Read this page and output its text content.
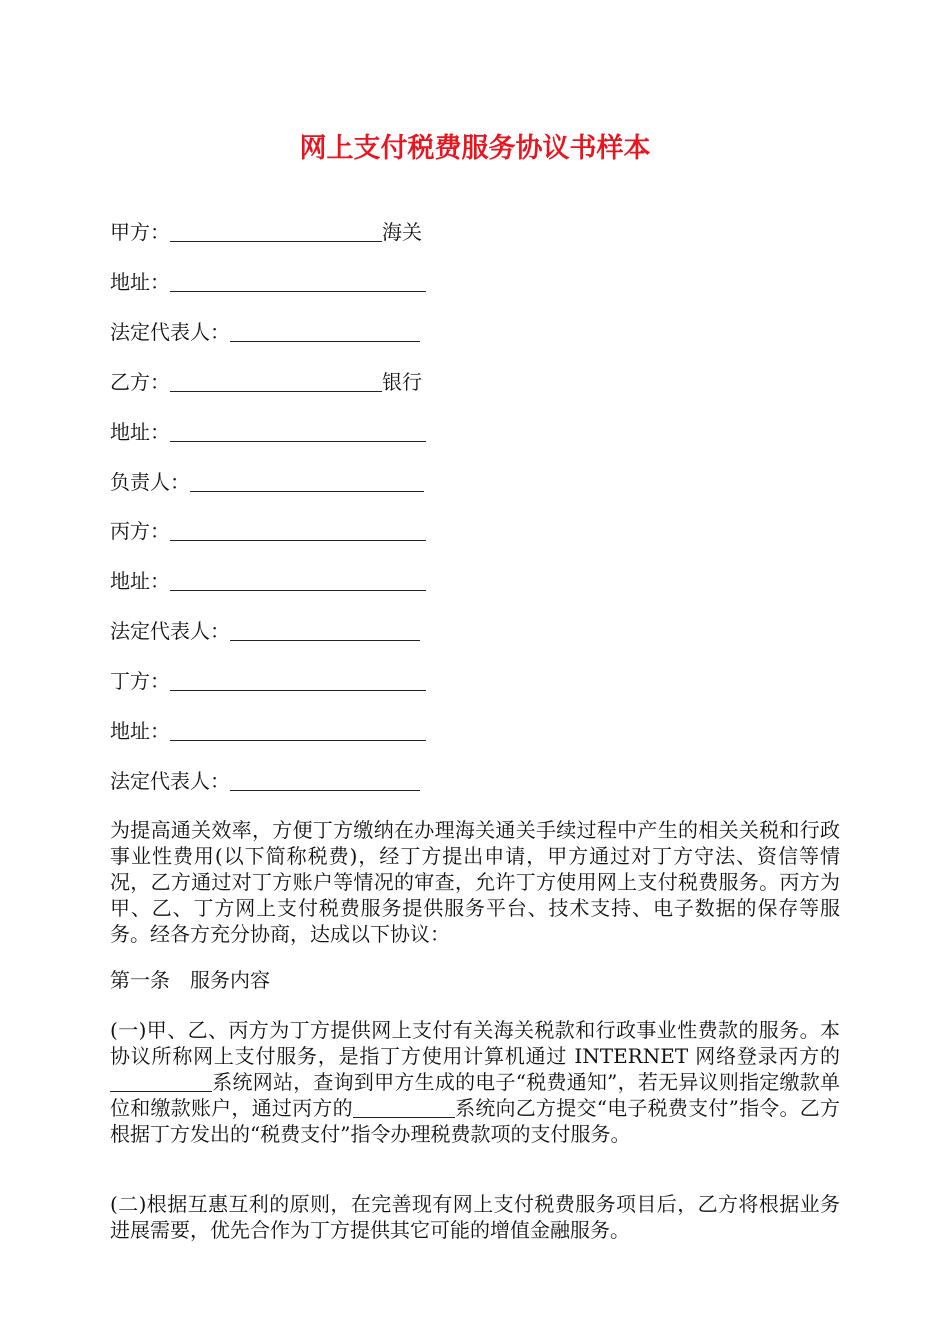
网上支付税费服务协议书样本
甲方：	海关
地址：
法定代表人：
乙方：	银行
地址：
负责人：
丙方：
地址：
法定代表人：
丁方：
地址：
法定代表人：

为提高通关效率，方便丁方缴纳在办理海关通关手续过程中产生的相关关税和行政事业性费用(以下简称税费)，经丁方提出申请，甲方通过对丁方守法、资信等情况，乙方通过对丁方账户等情况的审查，允许丁方使用网上支付税费服务。丙方为甲、乙、丁方网上支付税费服务提供服务平台、技术支持、电子数据的保存等服务。经各方充分协商，达成以下协议：

第一条　服务内容

(一)甲、乙、丙方为丁方提供网上支付有关海关税款和行政事业性费款的服务。本协议所称网上支付服务，是指丁方使用计算机通过 INTERNET 网络登录丙方的系统网站，查询到甲方生成的电子“税费通知”，若无异议则指定缴款单位和缴款账户，通过丙方的	系统向乙方提交“电子税费支付”指令。乙方根据丁方发出的“税费支付”指令办理税费款项的支付服务。

(二)根据互惠互利的原则，在完善现有网上支付税费服务项目后，乙方将根据业务进展需要，优先合作为丁方提供其它可能的增值金融服务。
